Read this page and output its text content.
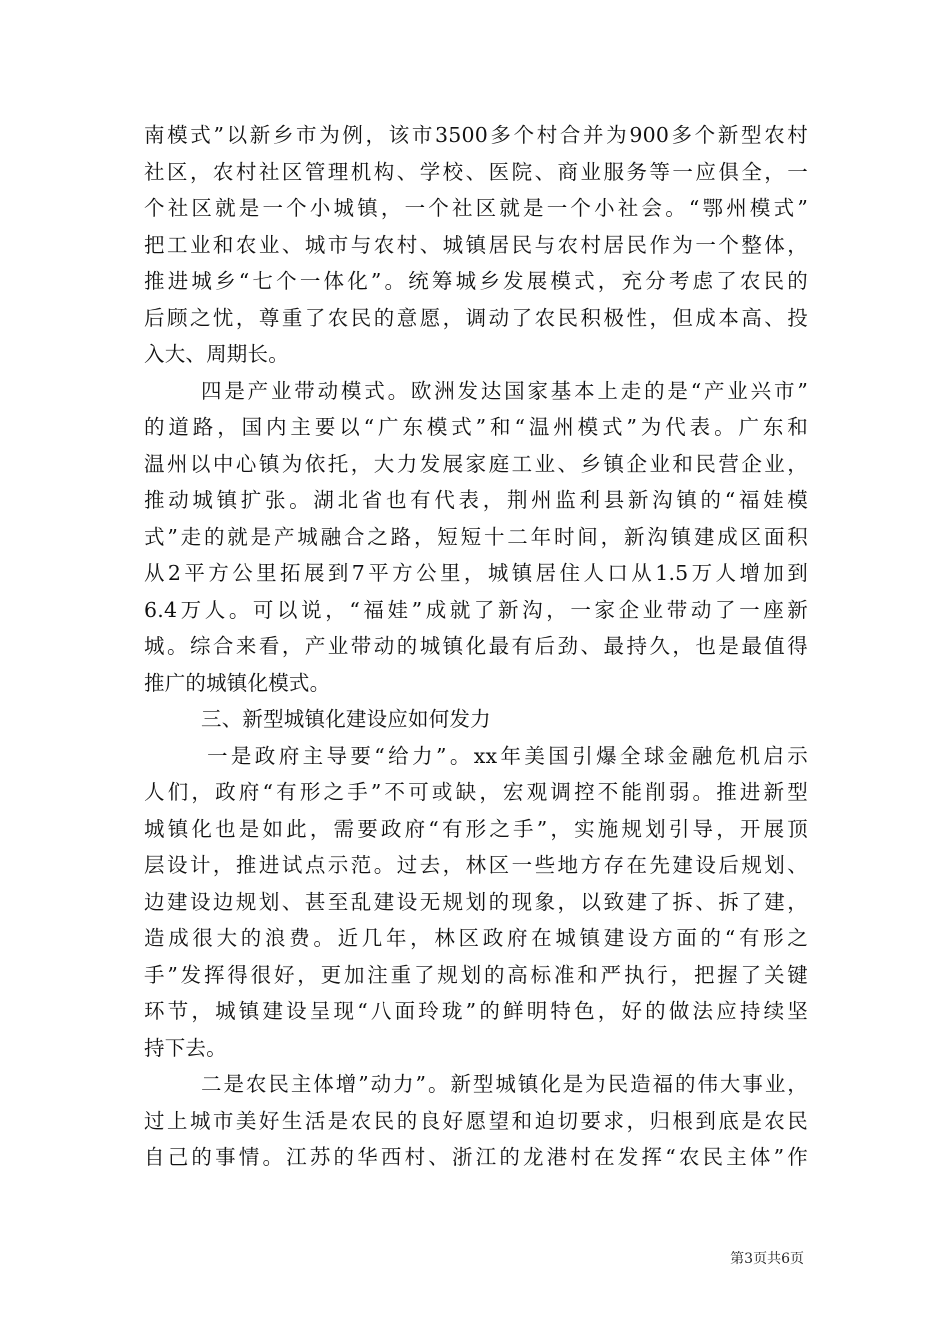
南模式”以新乡市为例，该市3500多个村合并为900多个新型农村
社区，农村社区管理机构、学校、医院、商业服务等一应俱全，一
个社区就是一个小城镇，一个社区就是一个小社会。“鄂州模式”
把工业和农业、城市与农村、城镇居民与农村居民作为一个整体，
推进城乡“七个一体化”。统筹城乡发展模式，充分考虑了农民的
后顾之忧，尊重了农民的意愿，调动了农民积极性，但成本高、投
入大、周期长。
四是产业带动模式。欧洲发达国家基本上走的是“产业兴市”
的道路，国内主要以“广东模式”和“温州模式”为代表。广东和
温州以中心镇为依托，大力发展家庭工业、乡镇企业和民营企业，
推动城镇扩张。湖北省也有代表，荆州监利县新沟镇的“福娃模
式”走的就是产城融合之路，短短十二年时间，新沟镇建成区面积
从2平方公里拓展到7平方公里，城镇居住人口从1.5万人增加到
6.4万人。可以说，“福娃”成就了新沟，一家企业带动了一座新
城。综合来看，产业带动的城镇化最有后劲、最持久，也是最值得
推广的城镇化模式。
三、新型城镇化建设应如何发力
一是政府主导要“给力”。xx年美国引爆全球金融危机启示
人们，政府“有形之手”不可或缺，宏观调控不能削弱。推进新型
城镇化也是如此，需要政府“有形之手”，实施规划引导，开展顶
层设计，推进试点示范。过去，林区一些地方存在先建设后规划、
边建设边规划、甚至乱建设无规划的现象，以致建了拆、拆了建，
造成很大的浪费。近几年，林区政府在城镇建设方面的“有形之
手”发挥得很好，更加注重了规划的高标准和严执行，把握了关键
环节，城镇建设呈现“八面玲珑”的鲜明特色，好的做法应持续坚
持下去。
二是农民主体增”动力”。新型城镇化是为民造福的伟大事业，
过上城市美好生活是农民的良好愿望和迫切要求，归根到底是农民
自己的事情。江苏的华西村、浙江的龙港村在发挥“农民主体”作
第3页共6页
